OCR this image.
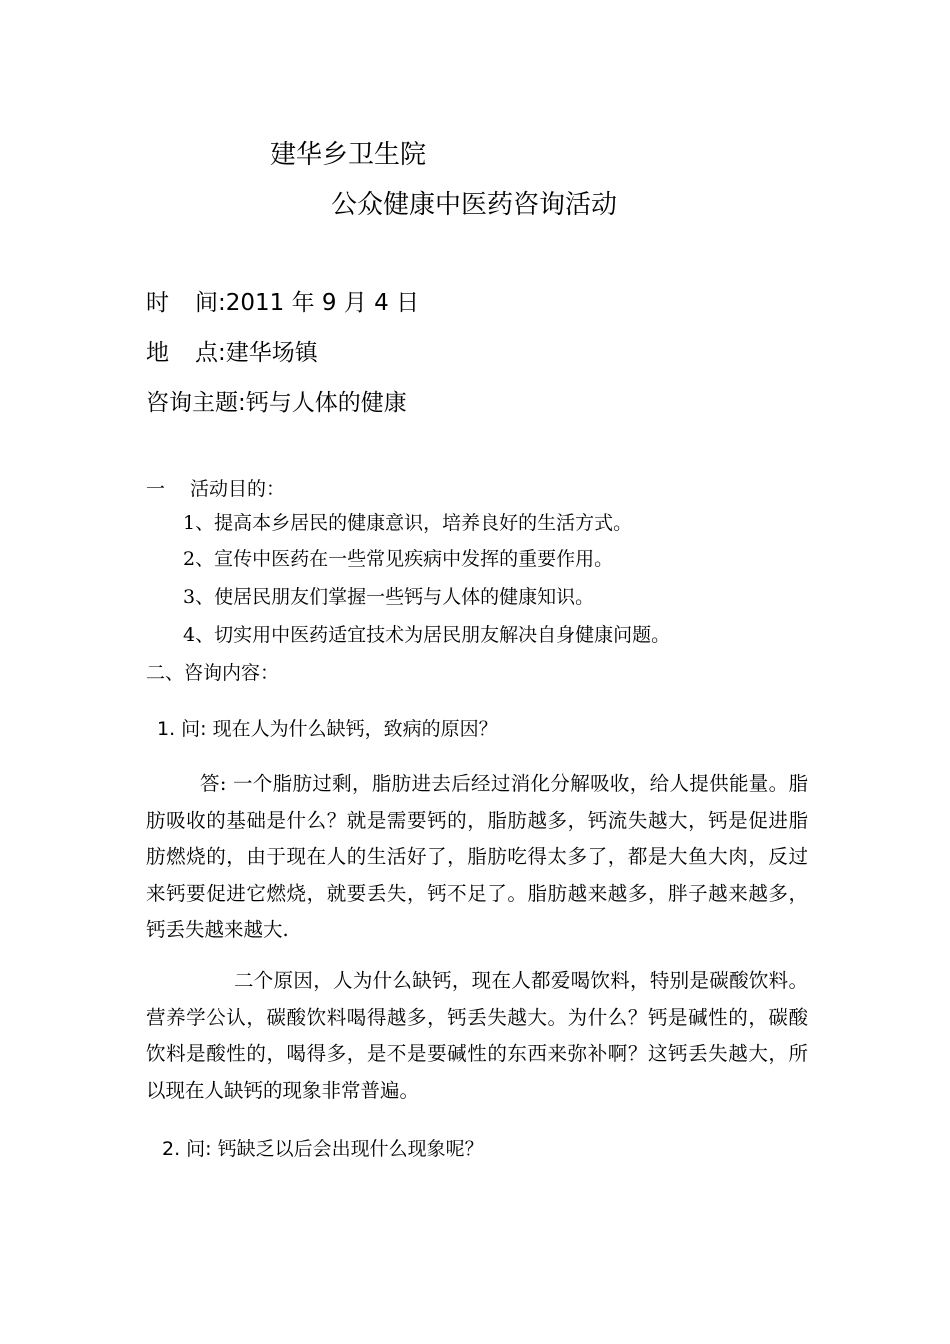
建华乡卫生院
公众健康中医药咨询活动
时 间:2011 年 9 月 4 日
地 点:建华场镇
咨询主题:钙与人体的健康
一 活动目的：
1、提高本乡居民的健康意识，培养良好的生活方式。
2、宣传中医药在一些常见疾病中发挥的重要作用。
3、使居民朋友们掌握一些钙与人体的健康知识。
4、切实用中医药适宜技术为居民朋友解决自身健康问题。
二、咨询内容：
1. 问: 现在人为什么缺钙，致病的原因？
答: 一个脂肪过剩，脂肪进去后经过消化分解吸收，给人提供能量。脂肪吸收的基础是什么？就是需要钙的，脂肪越多，钙流失越大，钙是促进脂肪燃烧的，由于现在人的生活好了，脂肪吃得太多了，都是大鱼大肉，反过来钙要促进它燃烧，就要丢失，钙不足了。脂肪越来越多，胖子越来越多，钙丢失越来越大.
二个原因，人为什么缺钙，现在人都爱喝饮料，特别是碳酸饮料。营养学公认，碳酸饮料喝得越多，钙丢失越大。为什么？钙是碱性的，碳酸饮料是酸性的，喝得多，是不是要碱性的东西来弥补啊？这钙丢失越大，所以现在人缺钙的现象非常普遍。
2. 问: 钙缺乏以后会出现什么现象呢？
